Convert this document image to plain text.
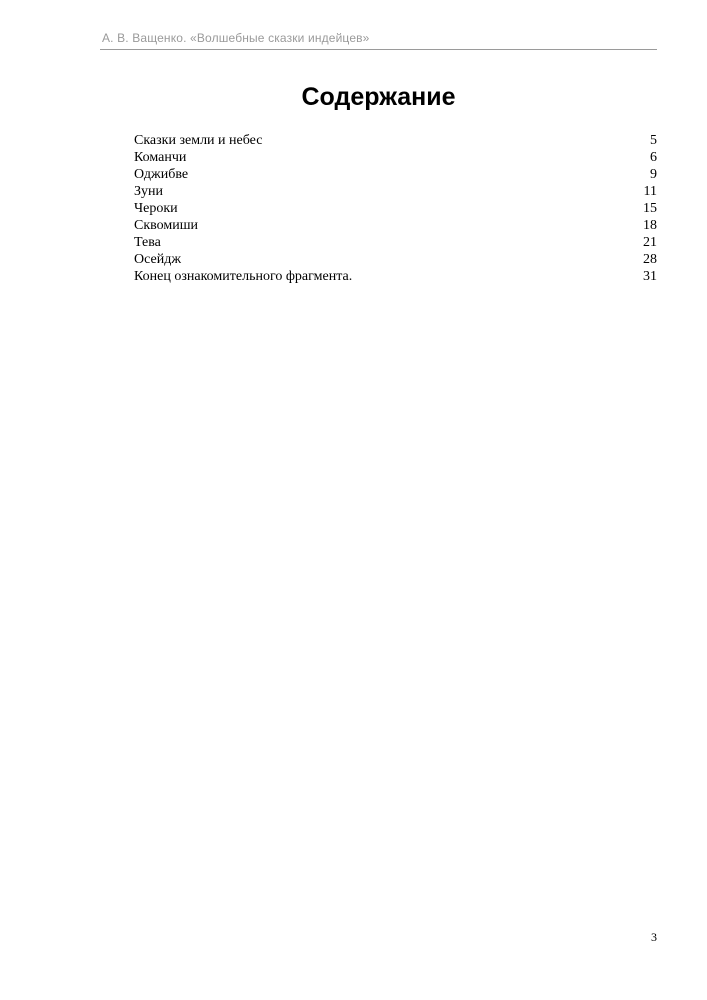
А. В. Ващенко. «Волшебные сказки индейцев»
Содержание
Сказки земли и небес	5
Команчи	6
Оджибве	9
Зуни	11
Чероки	15
Сквомиши	18
Тева	21
Осейдж	28
Конец ознакомительного фрагмента.	31
3
